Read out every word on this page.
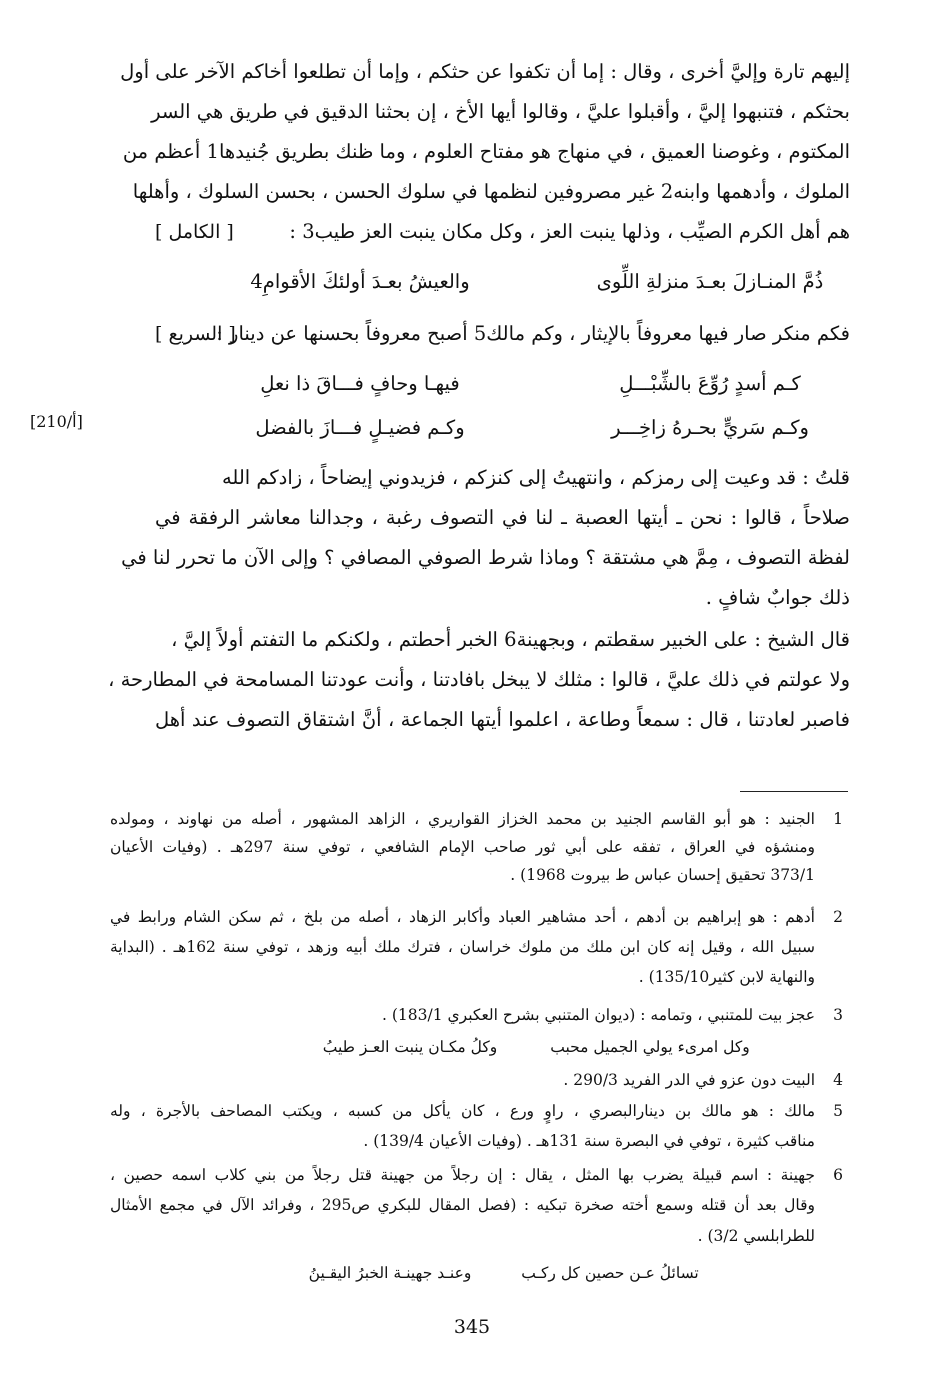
إليهم تارة وإليَّ أخرى ، وقال : إما أن تكفوا عن حثكم ، وإما أن تطلعوا أخاكم الآخر على أول
بحثكم ، فتنبهوا إليَّ ، وأقبلوا عليَّ ، وقالوا أيها الأخ ، إن بحثنا الدقيق في طريق هي السر
المكتوم ، وغوصنا العميق ، في منهاج هو مفتاح العلوم ، وما ظنك بطريق جُنيدها1 أعظم من
الملوك ، وأدهمها وابنه2 غير مصروفين لنظمها في سلوك الحسن ، بحسن السلوك ، وأهلها
هم أهل الكرم الصيِّب ، وذلها ينبت العز ، وكل مكان ينبت العز طيب3 :
[ الكامل ]
ذُمَّ المنـازلَ بعـدَ منزلةِ اللِّوى
والعيشُ بعـدَ أولئكَ الأقوامِ4
فكم منكر صار فيها معروفاً بالإيثار ، وكم مالك5 أصبح معروفاً بحسنها عن دينار :
[ السريع ]
كـم أسدٍ رُوِّعَ بالشِّبْـــلِ
فيهـا وحافٍ فـــاقَ ذا نعلِ
وكـم سَريٍّ بحـرهُ زاخِـــر
وكـم فضيـلٍ فـــازَ بالفضل
قلتُ : قد وعيت إلى رمزكم ، وانتهيتُ إلى كنزكم ، فزيدوني إيضاحاً ، زادكم الله
صلاحاً ، قالوا : نحن ـ أيتها العصبة ـ لنا في التصوف رغبة ، وجدالنا معاشر الرفقة في
لفظة التصوف ، مِمَّ هي مشتقة ؟ وماذا شرط الصوفي المصافي ؟ وإلى الآن ما تحرر لنا في
ذلك جوابٌ شافٍ .
قال الشيخ : على الخبير سقطتم ، وبجهينة6 الخبر أحطتم ، ولكنكم ما التفتم أولاً إليَّ ،
ولا عولتم في ذلك عليَّ ، قالوا : مثلك لا يبخل بافادتنا ، وأنت عودتنا المسامحة في المطارحة ،
فاصبر لعادتنا ، قال : سمعاً وطاعة ، اعلموا أيتها الجماعة ، أنَّ اشتقاق التصوف عند أهل
[210/أ]
1
الجنيد : هو أبو القاسم الجنيد بن محمد الخزاز القواريري ، الزاهد المشهور ، أصله من نهاوند ، ومولده
ومنشؤه في العراق ، تفقه على أبي ثور صاحب الإمام الشافعي ، توفي سنة 297هـ . (وفيات الأعيان
373/1 تحقيق إحسان عباس ط بيروت 1968) .
2
أدهم : هو إبراهيم بن أدهم ، أحد مشاهير العباد وأكابر الزهاد ، أصله من بلخ ، ثم سكن الشام ورابط في
سبيل الله ، وقيل إنه كان ابن ملك من ملوك خراسان ، فترك ملك أبيه وزهد ، توفي سنة 162هـ . (البداية
والنهاية لابن كثير135/10) .
3
عجز بيت للمتنبي ، وتمامه : (ديوان المتنبي بشرح العكبري 183/1) .
وكل امرىء يولي الجميل محبب
وكلُ مكـان ينبت العـز طيبُ
4
البيت دون عزو في الدر الفريد 290/3 .
5
مالك : هو مالك بن دينارالبصري ، راوٍ ورع ، كان يأكل من كسبه ، ويكتب المصاحف بالأجرة ، وله
مناقب كثيرة ، توفي في البصرة سنة 131هـ . (وفيات الأعيان 139/4) .
6
جهينة : اسم قبيلة يضرب بها المثل ، يقال : إن رجلاً من جهينة قتل رجلاً من بني كلاب اسمه حصين ،
وقال بعد أن قتله وسمع أخته صخرة تبكيه : (فصل المقال للبكري ص295 ، وفرائد الآل في مجمع الأمثال
للطرابلسي 3/2) .
تسائلُ عـن حصين كل ركـب
وعنـد جهينـة الخبرُ اليقـينُ
345
